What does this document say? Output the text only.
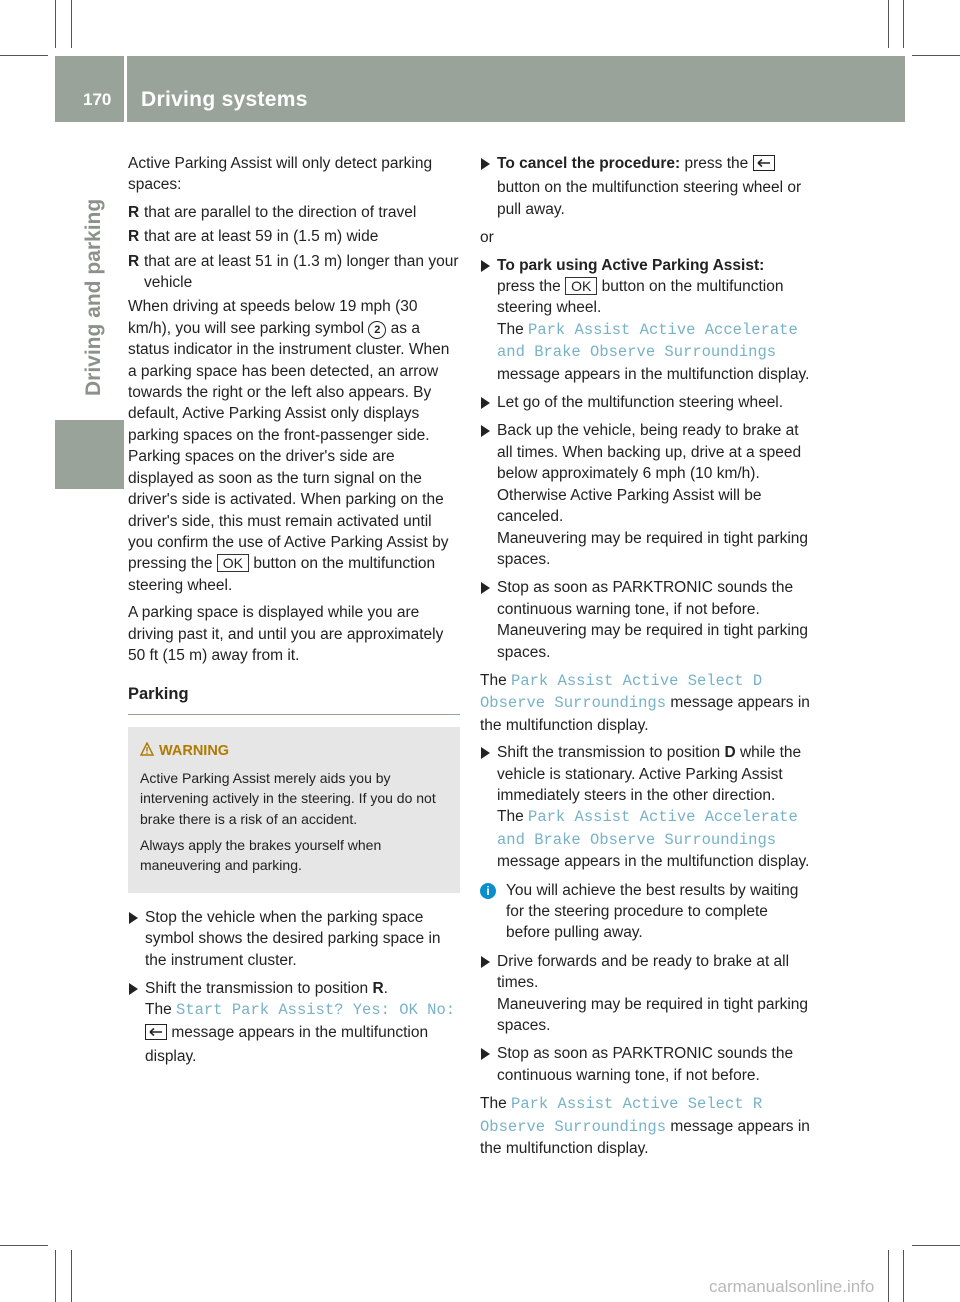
170 Driving systems
Driving and parking

Active Parking Assist will only detect parking spaces:

R that are parallel to the direction of travel
R that are at least 59 in (1.5 m) wide
R that are at least 51 in (1.3 m) longer than your vehicle

When driving at speeds below 19 mph (30 km/h), you will see parking symbol 2 as a status indicator in the instrument cluster. When a parking space has been detected, an arrow towards the right or the left also appears. By default, Active Parking Assist only displays parking spaces on the front-passenger side. Parking spaces on the driver's side are displayed as soon as the turn signal on the driver's side is activated. When parking on the driver's side, this must remain activated until you confirm the use of Active Parking Assist by pressing the OK button on the multifunction steering wheel.

A parking space is displayed while you are driving past it, and until you are approximately 50 ft (15 m) away from it.

Parking
WARNING

Active Parking Assist merely aids you by intervening actively in the steering. If you do not brake there is a risk of an accident.

Always apply the brakes yourself when maneuvering and parking.

Stop the vehicle when the parking space symbol shows the desired parking space in the instrument cluster.
Shift the transmission to position R.
The Start Park Assist? Yes: OK No:
message appears in the multifunction display.
To cancel the procedure: press the  button on the multifunction steering wheel or pull away.

or

To park using Active Parking Assist:
press the OK button on the multifunction steering wheel.
The Park Assist Active Accelerate and Brake Observe Surroundings message appears in the multifunction display.
Let go of the multifunction steering wheel.
Back up the vehicle, being ready to brake at all times. When backing up, drive at a speed below approximately 6 mph (10 km/h). Otherwise Active Parking Assist will be canceled.
Maneuvering may be required in tight parking spaces.
Stop as soon as PARKTRONIC sounds the continuous warning tone, if not before.
Maneuvering may be required in tight parking spaces.

The Park Assist Active Select D Observe Surroundings message appears in the multifunction display.

Shift the transmission to position D while the vehicle is stationary. Active Parking Assist immediately steers in the other direction.
The Park Assist Active Accelerate and Brake Observe Surroundings message appears in the multifunction display.
i	You will achieve the best results by waiting for the steering procedure to complete before pulling away.
Drive forwards and be ready to brake at all times.
Maneuvering may be required in tight parking spaces.
Stop as soon as PARKTRONIC sounds the continuous warning tone, if not before.

The Park Assist Active Select R Observe Surroundings message appears in the multifunction display.

carmanualsonline.info
